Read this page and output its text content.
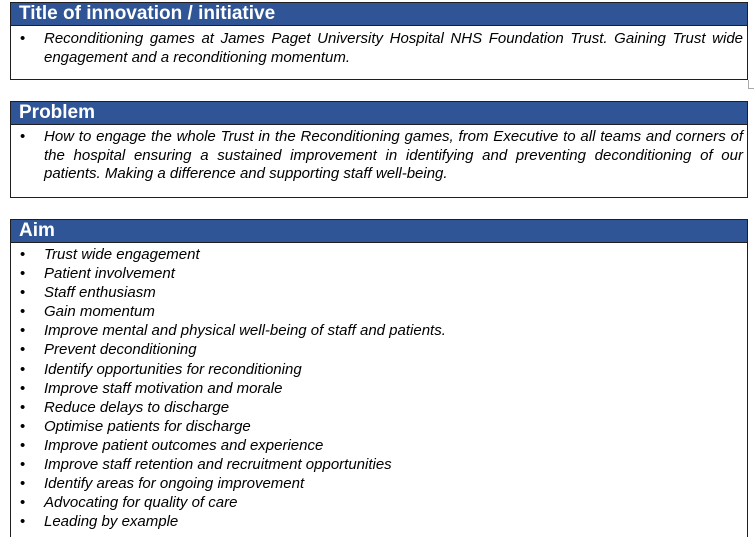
Title of innovation / initiative
• Reconditioning games at James Paget University Hospital NHS Foundation Trust. Gaining Trust wide engagement and a reconditioning momentum.
Problem
• How to engage the whole Trust in the Reconditioning games, from Executive to all teams and corners of the hospital ensuring a sustained improvement in identifying and preventing deconditioning of our patients. Making a difference and supporting staff well-being.
Aim
• Trust wide engagement
• Patient involvement
• Staff enthusiasm
• Gain momentum
• Improve mental and physical well-being of staff and patients.
• Prevent deconditioning
• Identify opportunities for reconditioning
• Improve staff motivation and morale
• Reduce delays to discharge
• Optimise patients for discharge
• Improve patient outcomes and experience
• Improve staff retention and recruitment opportunities
• Identify areas for ongoing improvement
• Advocating for quality of care
• Leading by example
